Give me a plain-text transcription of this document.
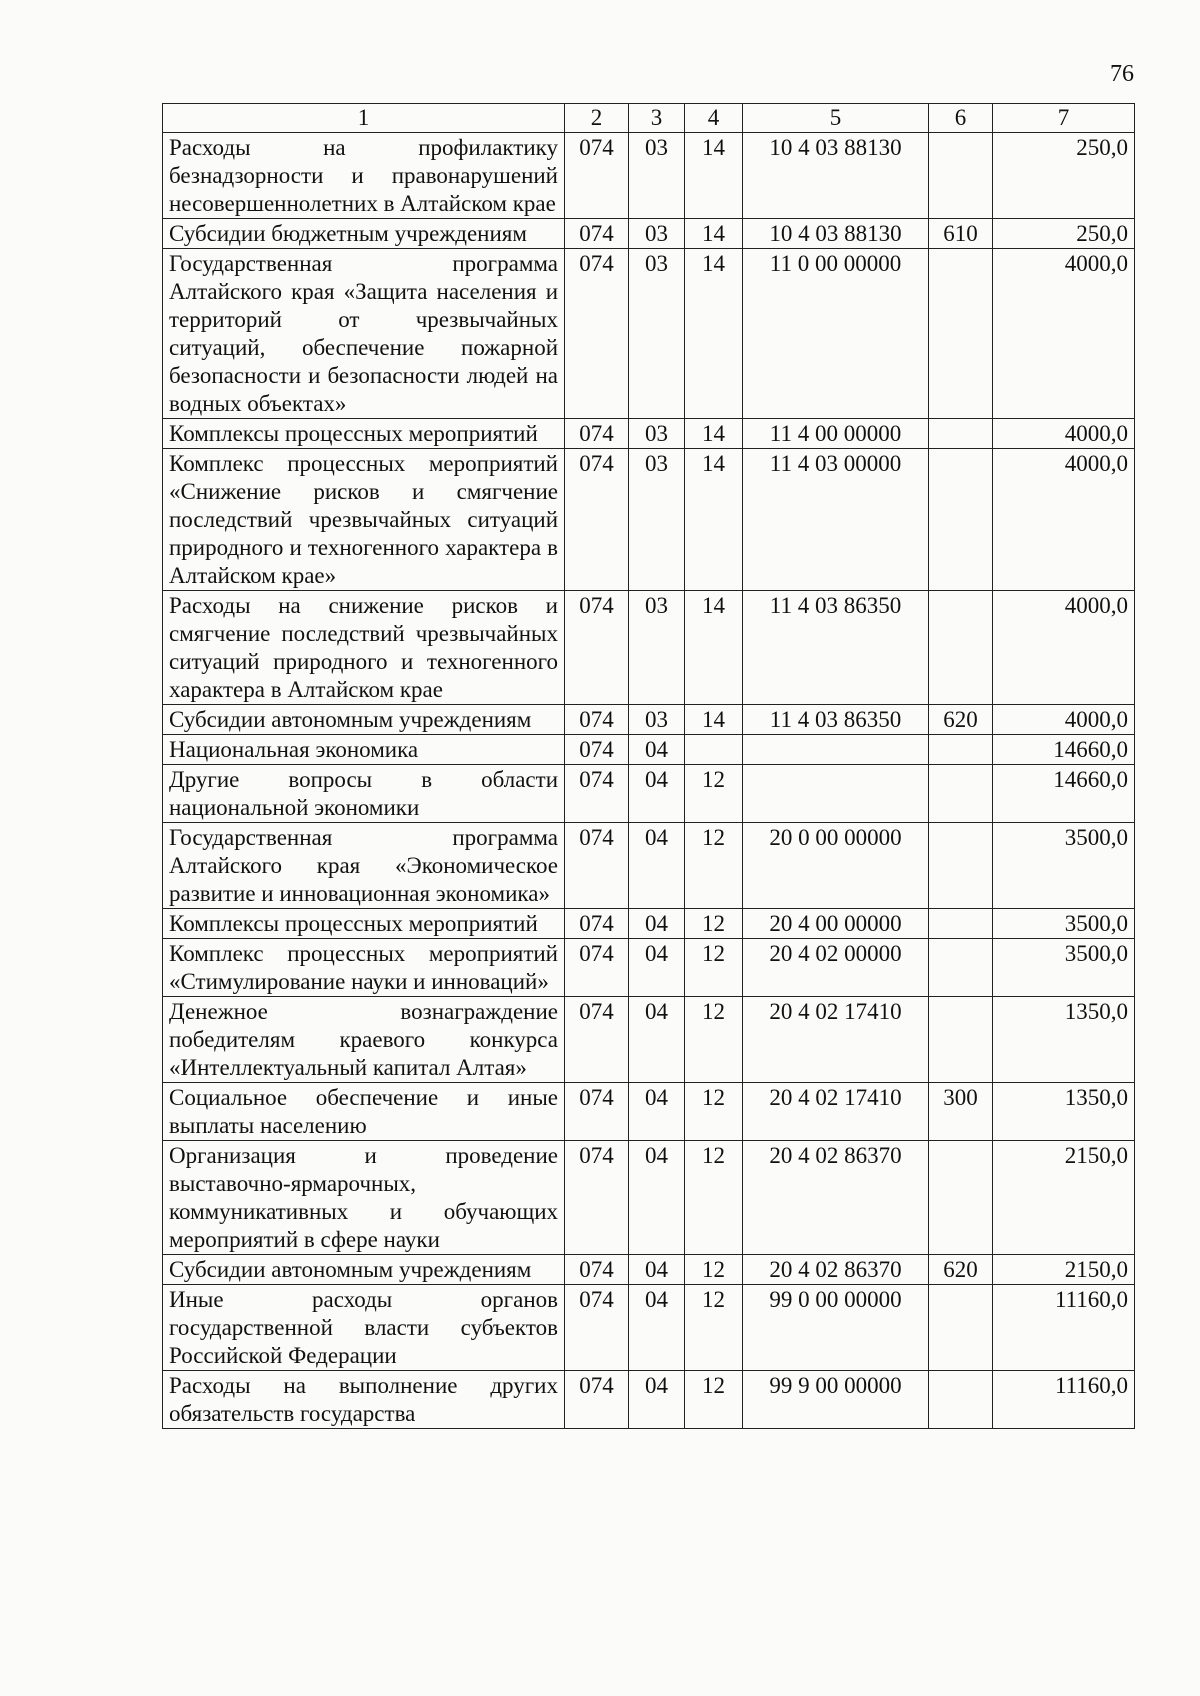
76
1	2	3	4	5	6	7
Расходы на профилактику безнадзорности и правонарушений несовершеннолетних в Алтайском крае	074	03	14	10 4 03 88130		250,0
Субсидии бюджетным учреждениям	074	03	14	10 4 03 88130	610	250,0
Государственная программа Алтайского края «Защита населения и территорий от чрезвычайных ситуаций, обеспечение пожарной безопасности и безопасности людей на водных объектах»	074	03	14	11 0 00 00000		4000,0
Комплексы процессных мероприятий	074	03	14	11 4 00 00000		4000,0
Комплекс процессных мероприятий «Снижение рисков и смягчение последствий чрезвычайных ситуаций природного и техногенного характера в Алтайском крае»	074	03	14	11 4 03 00000		4000,0
Расходы на снижение рисков и смягчение последствий чрезвычайных ситуаций природного и техногенного характера в Алтайском крае	074	03	14	11 4 03 86350		4000,0
Субсидии автономным учреждениям	074	03	14	11 4 03 86350	620	4000,0
Национальная экономика	074	04				14660,0
Другие вопросы в области национальной экономики	074	04	12			14660,0
Государственная программа Алтайского края «Экономическое развитие и инновационная экономика»	074	04	12	20 0 00 00000		3500,0
Комплексы процессных мероприятий	074	04	12	20 4 00 00000		3500,0
Комплекс процессных мероприятий «Стимулирование науки и инноваций»	074	04	12	20 4 02 00000		3500,0
Денежное вознаграждение победителям краевого конкурса «Интеллектуальный капитал Алтая»	074	04	12	20 4 02 17410		1350,0
Социальное обеспечение и иные выплаты населению	074	04	12	20 4 02 17410	300	1350,0
Организация и проведение выставочно-ярмарочных, коммуникативных и обучающих мероприятий в сфере науки	074	04	12	20 4 02 86370		2150,0
Субсидии автономным учреждениям	074	04	12	20 4 02 86370	620	2150,0
Иные расходы органов государственной власти субъектов Российской Федерации	074	04	12	99 0 00 00000		11160,0
Расходы на выполнение других обязательств государства	074	04	12	99 9 00 00000		11160,0
